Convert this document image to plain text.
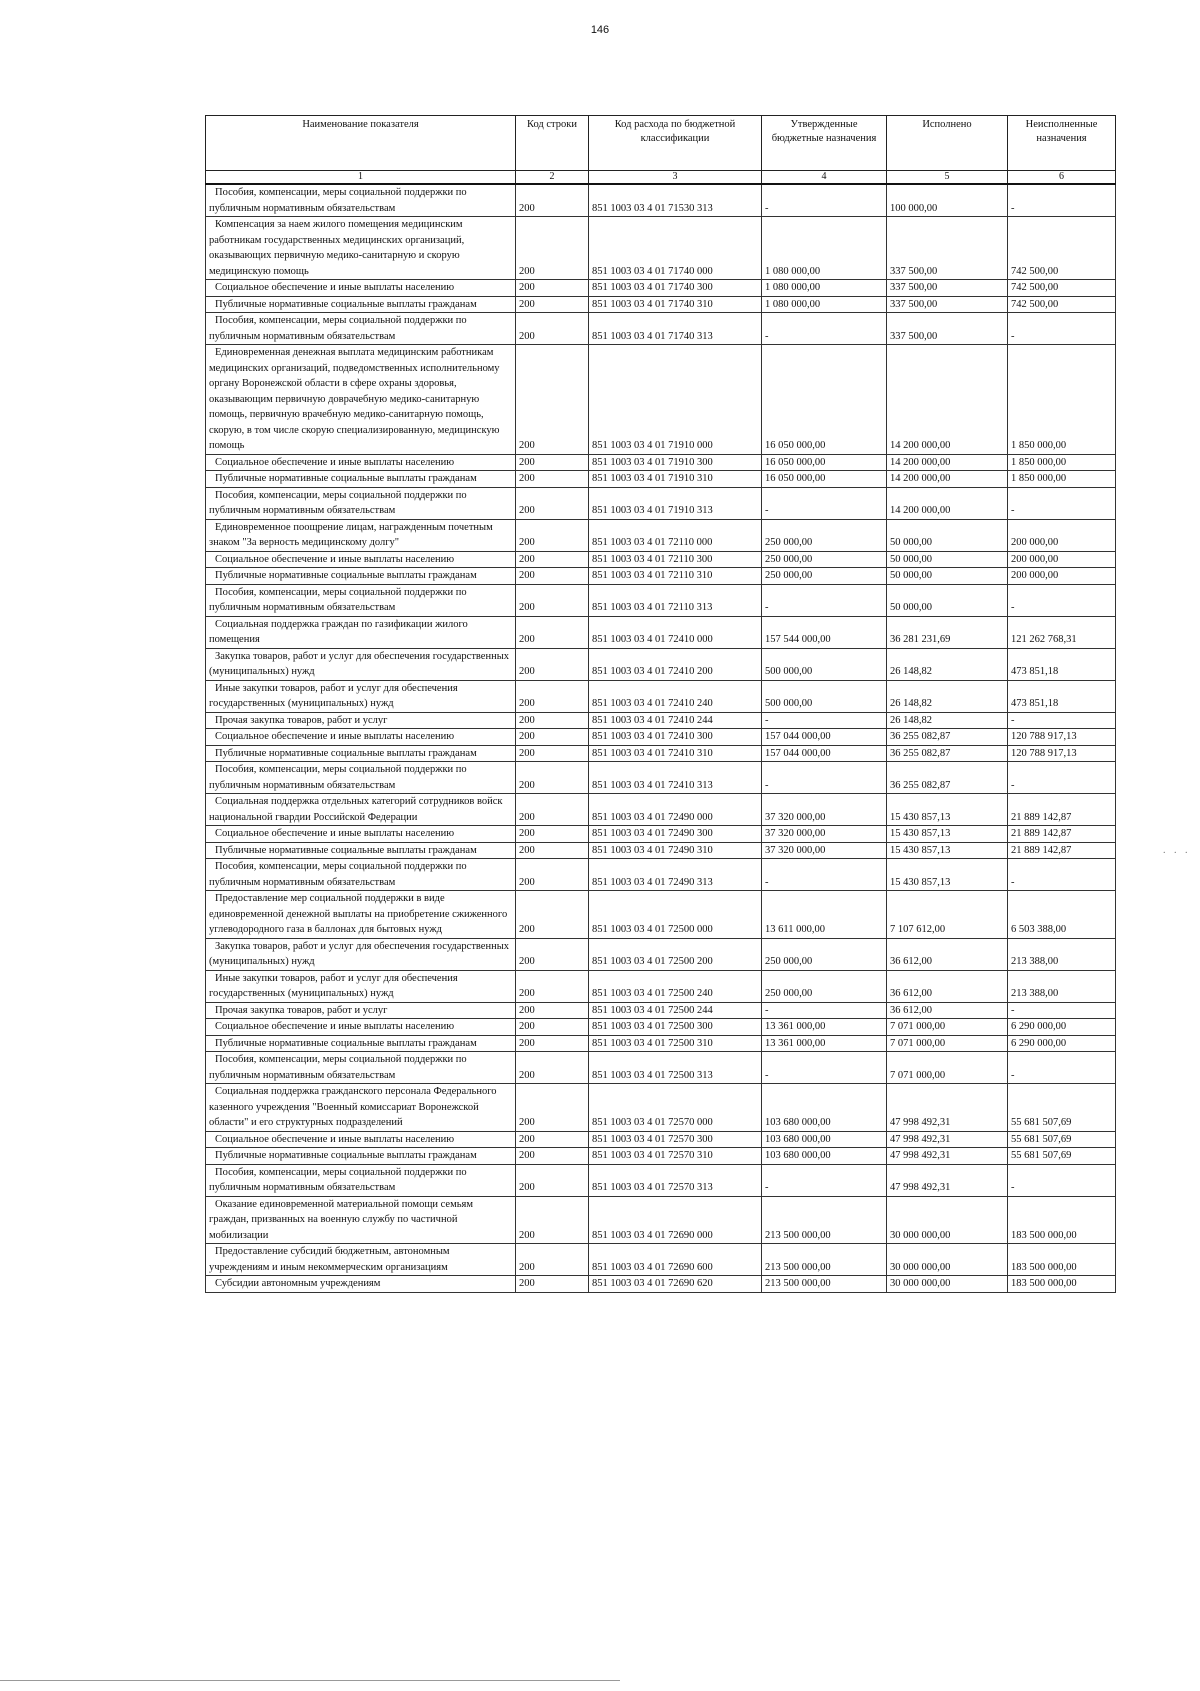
146
Наименование показателя	Код строки	Код расхода по бюджетной классификации	Утвержденные бюджетные назначения	Исполнено	Неисполненные назначения
1	2	3	4	5	6
Пособия, компенсации, меры социальной поддержки по публичным нормативным обязательствам	200	851 1003 03 4 01 71530 313	-	100 000,00	-
Компенсация за наем жилого помещения медицинским работникам государственных медицинских организаций, оказывающих первичную медико-санитарную и скорую медицинскую помощь	200	851 1003 03 4 01 71740 000	1 080 000,00	337 500,00	742 500,00
Социальное обеспечение и иные выплаты населению	200	851 1003 03 4 01 71740 300	1 080 000,00	337 500,00	742 500,00
Публичные нормативные социальные выплаты гражданам	200	851 1003 03 4 01 71740 310	1 080 000,00	337 500,00	742 500,00
Пособия, компенсации, меры социальной поддержки по публичным нормативным обязательствам	200	851 1003 03 4 01 71740 313	-	337 500,00	-
Единовременная денежная выплата медицинским работникам медицинских организаций, подведомственных исполнительному органу Воронежской области в сфере охраны здоровья, оказывающим первичную доврачебную медико-санитарную помощь, первичную врачебную медико-санитарную помощь, скорую, в том числе скорую специализированную, медицинскую помощь	200	851 1003 03 4 01 71910 000	16 050 000,00	14 200 000,00	1 850 000,00
Социальное обеспечение и иные выплаты населению	200	851 1003 03 4 01 71910 300	16 050 000,00	14 200 000,00	1 850 000,00
Публичные нормативные социальные выплаты гражданам	200	851 1003 03 4 01 71910 310	16 050 000,00	14 200 000,00	1 850 000,00
Пособия, компенсации, меры социальной поддержки по публичным нормативным обязательствам	200	851 1003 03 4 01 71910 313	-	14 200 000,00	-
Единовременное поощрение лицам, награжденным почетным знаком "За верность медицинскому долгу"	200	851 1003 03 4 01 72110 000	250 000,00	50 000,00	200 000,00
Социальное обеспечение и иные выплаты населению	200	851 1003 03 4 01 72110 300	250 000,00	50 000,00	200 000,00
Публичные нормативные социальные выплаты гражданам	200	851 1003 03 4 01 72110 310	250 000,00	50 000,00	200 000,00
Пособия, компенсации, меры социальной поддержки по публичным нормативным обязательствам	200	851 1003 03 4 01 72110 313	-	50 000,00	-
Социальная поддержка граждан по газификации жилого помещения	200	851 1003 03 4 01 72410 000	157 544 000,00	36 281 231,69	121 262 768,31
Закупка товаров, работ и услуг для обеспечения государственных (муниципальных) нужд	200	851 1003 03 4 01 72410 200	500 000,00	26 148,82	473 851,18
Иные закупки товаров, работ и услуг для обеспечения государственных (муниципальных) нужд	200	851 1003 03 4 01 72410 240	500 000,00	26 148,82	473 851,18
Прочая закупка товаров, работ и услуг	200	851 1003 03 4 01 72410 244	-	26 148,82	-
Социальное обеспечение и иные выплаты населению	200	851 1003 03 4 01 72410 300	157 044 000,00	36 255 082,87	120 788 917,13
Публичные нормативные социальные выплаты гражданам	200	851 1003 03 4 01 72410 310	157 044 000,00	36 255 082,87	120 788 917,13
Пособия, компенсации, меры социальной поддержки по публичным нормативным обязательствам	200	851 1003 03 4 01 72410 313	-	36 255 082,87	-
Социальная поддержка отдельных категорий сотрудников войск национальной гвардии Российской Федерации	200	851 1003 03 4 01 72490 000	37 320 000,00	15 430 857,13	21 889 142,87
Социальное обеспечение и иные выплаты населению	200	851 1003 03 4 01 72490 300	37 320 000,00	15 430 857,13	21 889 142,87
Публичные нормативные социальные выплаты гражданам	200	851 1003 03 4 01 72490 310	37 320 000,00	15 430 857,13	21 889 142,87
Пособия, компенсации, меры социальной поддержки по публичным нормативным обязательствам	200	851 1003 03 4 01 72490 313	-	15 430 857,13	-
Предоставление мер социальной поддержки в виде единовременной денежной выплаты на приобретение сжиженного углеводородного газа в баллонах для бытовых нужд	200	851 1003 03 4 01 72500 000	13 611 000,00	7 107 612,00	6 503 388,00
Закупка товаров, работ и услуг для обеспечения государственных (муниципальных) нужд	200	851 1003 03 4 01 72500 200	250 000,00	36 612,00	213 388,00
Иные закупки товаров, работ и услуг для обеспечения государственных (муниципальных) нужд	200	851 1003 03 4 01 72500 240	250 000,00	36 612,00	213 388,00
Прочая закупка товаров, работ и услуг	200	851 1003 03 4 01 72500 244	-	36 612,00	-
Социальное обеспечение и иные выплаты населению	200	851 1003 03 4 01 72500 300	13 361 000,00	7 071 000,00	6 290 000,00
Публичные нормативные социальные выплаты гражданам	200	851 1003 03 4 01 72500 310	13 361 000,00	7 071 000,00	6 290 000,00
Пособия, компенсации, меры социальной поддержки по публичным нормативным обязательствам	200	851 1003 03 4 01 72500 313	-	7 071 000,00	-
Социальная поддержка гражданского персонала Федерального казенного учреждения "Военный комиссариат Воронежской области" и его структурных подразделений	200	851 1003 03 4 01 72570 000	103 680 000,00	47 998 492,31	55 681 507,69
Социальное обеспечение и иные выплаты населению	200	851 1003 03 4 01 72570 300	103 680 000,00	47 998 492,31	55 681 507,69
Публичные нормативные социальные выплаты гражданам	200	851 1003 03 4 01 72570 310	103 680 000,00	47 998 492,31	55 681 507,69
Пособия, компенсации, меры социальной поддержки по публичным нормативным обязательствам	200	851 1003 03 4 01 72570 313	-	47 998 492,31	-
Оказание единовременной материальной помощи семьям граждан, призванных на военную службу по частичной мобилизации	200	851 1003 03 4 01 72690 000	213 500 000,00	30 000 000,00	183 500 000,00
Предоставление субсидий бюджетным, автономным учреждениям и иным некоммерческим организациям	200	851 1003 03 4 01 72690 600	213 500 000,00	30 000 000,00	183 500 000,00
Субсидии автономным учреждениям	200	851 1003 03 4 01 72690 620	213 500 000,00	30 000 000,00	183 500 000,00
. . .
